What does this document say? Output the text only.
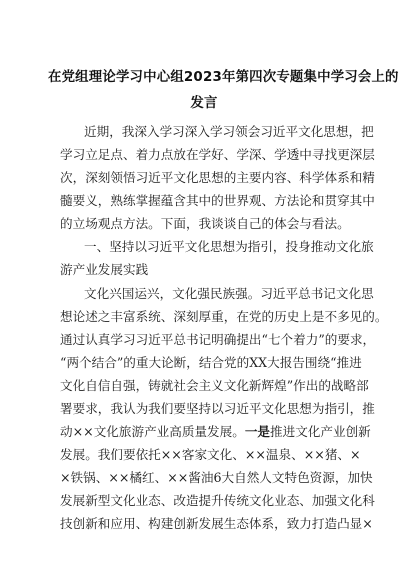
在党组理论学习中心组2023年第四次专题集中学习会上的
发言
近期，我深入学习深入学习领会习近平文化思想，把
学习立足点、着力点放在学好、学深、学透中寻找更深层
次，深刻领悟习近平文化思想的主要内容、科学体系和精
髓要义，熟练掌握蕴含其中的世界观、方法论和贯穿其中
的立场观点方法。下面，我谈谈自己的体会与看法。
一、坚持以习近平文化思想为指引，投身推动文化旅
游产业发展实践
文化兴国运兴，文化强民族强。习近平总书记文化思
想论述之丰富系统、深刻厚重，在党的历史上是不多见的。
通过认真学习习近平总书记明确提出“七个着力”的要求，
“两个结合”的重大论断，结合党的XX大报告围绕“推进
文化自信自强，铸就社会主义文化新辉煌”作出的战略部
署要求，我认为我们要坚持以习近平文化思想为指引，推
动××文化旅游产业高质量发展。一是推进文化产业创新
发展。我们要依托××客家文化、××温泉、××猪、×
×铁锅、××橘红、××酱油6大自然人文特色资源，加快
发展新型文化业态、改造提升传统文化业态、加强文化科
技创新和应用、构建创新发展生态体系，致力打造凸显×
